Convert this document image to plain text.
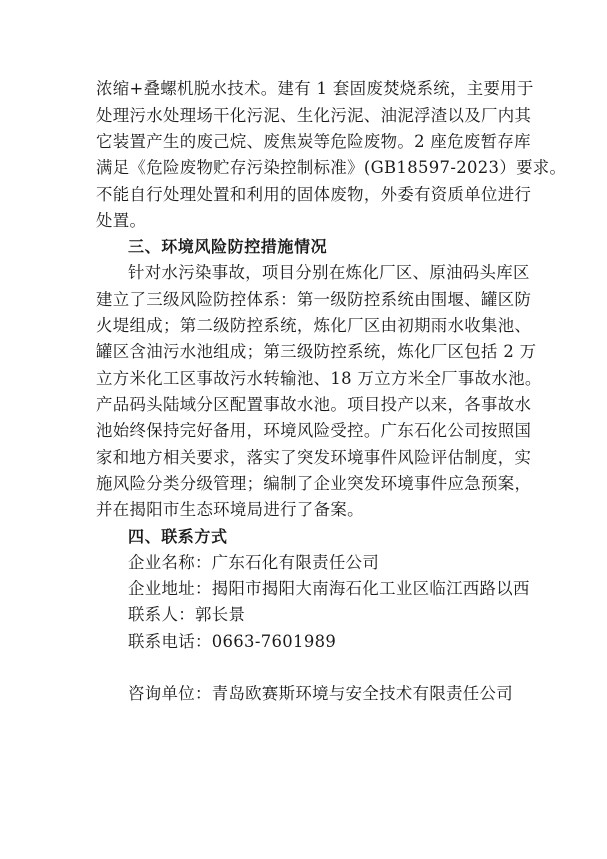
浓缩+叠螺机脱水技术。建有 1 套固废焚烧系统，主要用于
处理污水处理场干化污泥、生化污泥、油泥浮渣以及厂内其
它装置产生的废己烷、废焦炭等危险废物。2 座危废暂存库
满足《危险废物贮存污染控制标准》(GB18597-2023）要求。
不能自行处理处置和利用的固体废物，外委有资质单位进行
处置。
三、环境风险防控措施情况
针对水污染事故，项目分别在炼化厂区、原油码头库区
建立了三级风险防控体系：第一级防控系统由围堰、罐区防
火堤组成；第二级防控系统，炼化厂区由初期雨水收集池、
罐区含油污水池组成；第三级防控系统，炼化厂区包括 2 万
立方米化工区事故污水转输池、18 万立方米全厂事故水池。
产品码头陆域分区配置事故水池。项目投产以来，各事故水
池始终保持完好备用，环境风险受控。广东石化公司按照国
家和地方相关要求，落实了突发环境事件风险评估制度，实
施风险分类分级管理；编制了企业突发环境事件应急预案，
并在揭阳市生态环境局进行了备案。
四、联系方式
企业名称：广东石化有限责任公司
企业地址：揭阳市揭阳大南海石化工业区临江西路以西
联系人：郭长景
联系电话：0663-7601989
咨询单位：青岛欧赛斯环境与安全技术有限责任公司
